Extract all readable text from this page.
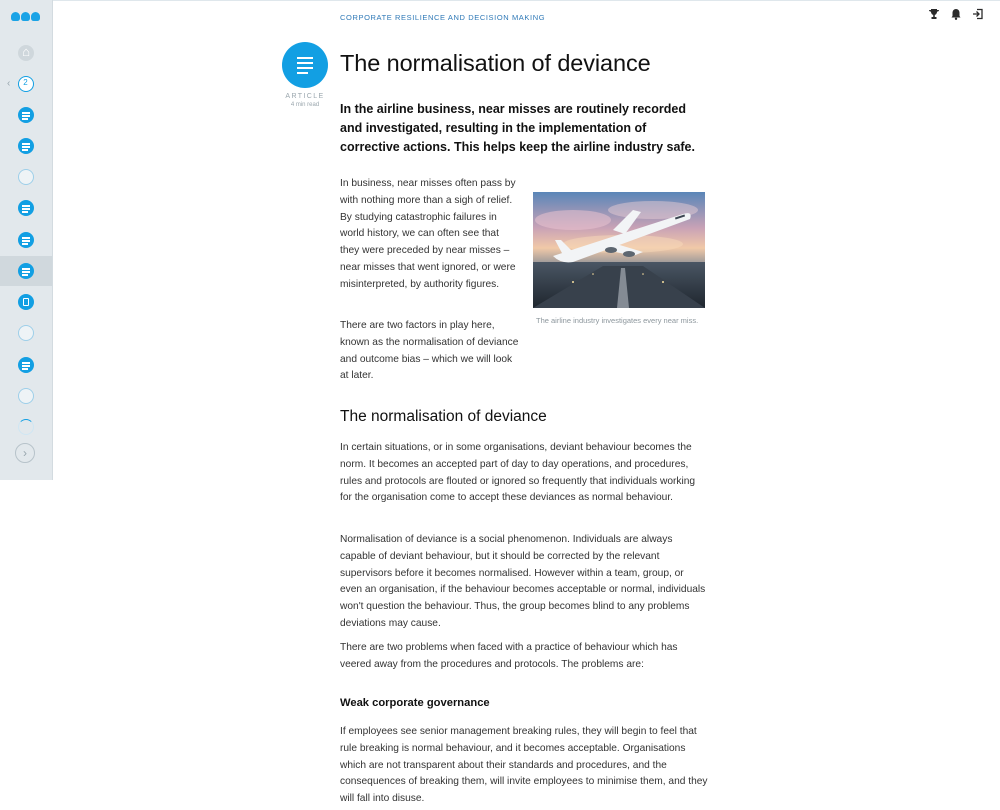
⌂
‹	2
›
CORPORATE RESILIENCE AND DECISION MAKING
ARTICLE
4 min read
The normalisation of deviance

In the airline business, near misses are routinely recorded and investigated, resulting in the implementation of corrective actions. This helps keep the airline industry safe.

In business, near misses often pass by with nothing more than a sigh of relief. By studying catastrophic failures in world history, we can often see that they were preceded by near misses – near misses that went ignored, or were misinterpreted, by authority figures.

There are two factors in play here, known as the normalisation of deviance and outcome bias – which we will look at later.

The airline industry investigates every near miss.
The normalisation of deviance

In certain situations, or in some organisations, deviant behaviour becomes the norm. It becomes an accepted part of day to day operations, and procedures, rules and protocols are flouted or ignored so frequently that individuals working for the organisation come to accept these deviances as normal behaviour.

Normalisation of deviance is a social phenomenon. Individuals are always capable of deviant behaviour, but it should be corrected by the relevant supervisors before it becomes normalised. However within a team, group, or even an organisation, if the behaviour becomes acceptable or normal, individuals won't question the behaviour. Thus, the group becomes blind to any problems deviations may cause.

There are two problems when faced with a practice of behaviour which has veered away from the procedures and protocols. The problems are:

Weak corporate governance

If employees see senior management breaking rules, they will begin to feel that rule breaking is normal behaviour, and it becomes acceptable. Organisations which are not transparent about their standards and procedures, and the consequences of breaking them, will invite employees to minimise them, and they will fall into disuse.
